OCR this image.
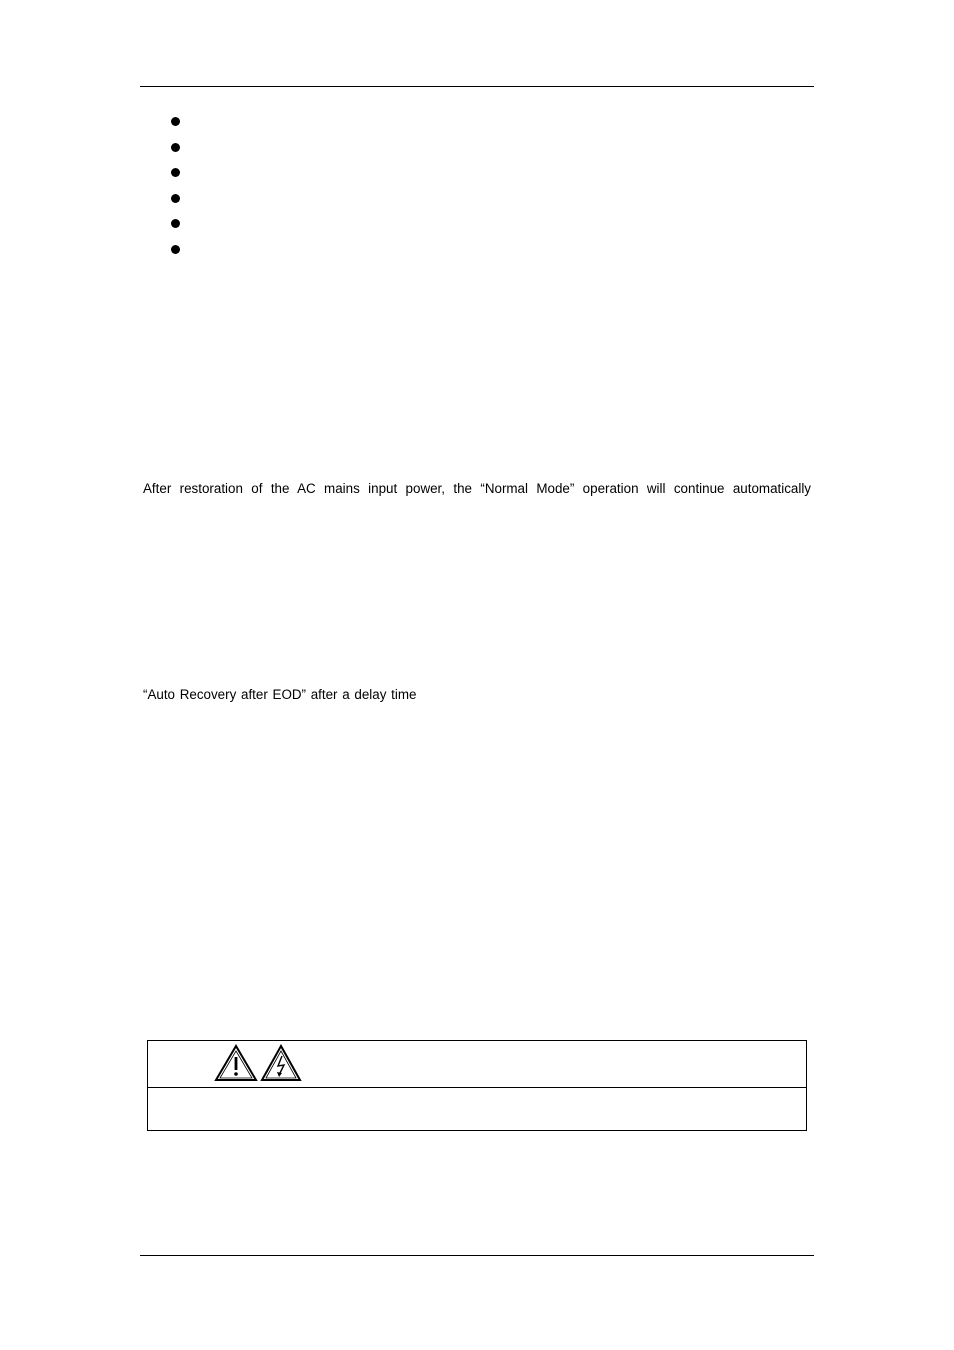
After restoration of the AC mains input power, the “Normal Mode” operation will continue automatically
“Auto Recovery after EOD” after a delay time
